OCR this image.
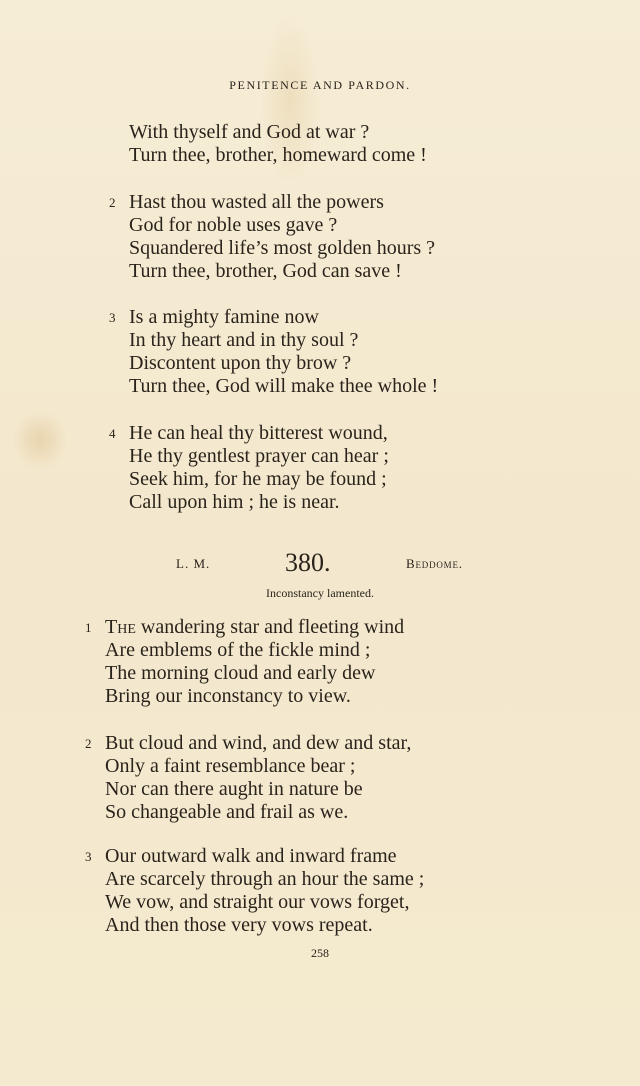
PENITENCE AND PARDON.
With thyself and God at war ?
Turn thee, brother, homeward come !
2 Hast thou wasted all the powers
God for noble uses gave ?
Squandered life’s most golden hours ?
Turn thee, brother, God can save !
3 Is a mighty famine now
In thy heart and in thy soul ?
Discontent upon thy brow ?
Turn thee, God will make thee whole !
4 He can heal thy bitterest wound,
He thy gentlest prayer can hear ;
Seek him, for he may be found ;
Call upon him ; he is near.
L. M.	380.	Beddome.
Inconstancy lamented.
1 The wandering star and fleeting wind
Are emblems of the fickle mind ;
The morning cloud and early dew
Bring our inconstancy to view.
2 But cloud and wind, and dew and star,
Only a faint resemblance bear ;
Nor can there aught in nature be
So changeable and frail as we.
3 Our outward walk and inward frame
Are scarcely through an hour the same ;
We vow, and straight our vows forget,
And then those very vows repeat.
258
